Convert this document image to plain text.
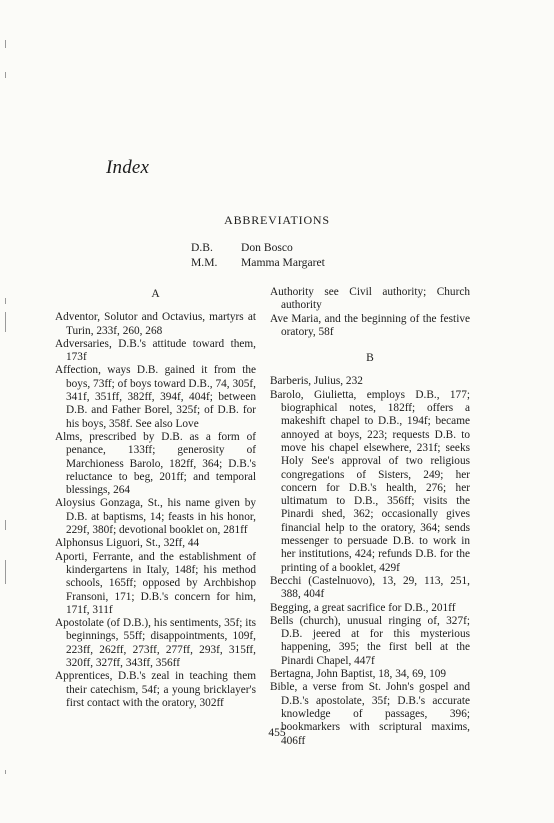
Index
ABBREVIATIONS
D.B.	Don Bosco
M.M.	Mamma Margaret
A
Adventor, Solutor and Octavius, martyrs at Turin, 233f, 260, 268
Adversaries, D.B.'s attitude toward them, 173f
Affection, ways D.B. gained it from the boys, 73ff; of boys toward D.B., 74, 305f, 341f, 351ff, 382ff, 394f, 404f; between D.B. and Father Borel, 325f; of D.B. for his boys, 358f. See also Love
Alms, prescribed by D.B. as a form of penance, 133ff; generosity of Marchioness Barolo, 182ff, 364; D.B.'s reluctance to beg, 201ff; and temporal blessings, 264
Aloysius Gonzaga, St., his name given by D.B. at baptisms, 14; feasts in his honor, 229f, 380f; devotional booklet on, 281ff
Alphonsus Liguori, St., 32ff, 44
Aporti, Ferrante, and the establishment of kindergartens in Italy, 148f; his method schools, 165ff; opposed by Archbishop Fransoni, 171; D.B.'s concern for him, 171f, 311f
Apostolate (of D.B.), his sentiments, 35f; its beginnings, 55ff; disappointments, 109f, 223ff, 262ff, 273ff, 277ff, 293f, 315ff, 320ff, 327ff, 343ff, 356ff
Apprentices, D.B.'s zeal in teaching them their catechism, 54f; a young bricklayer's first contact with the oratory, 302ff
Authority see Civil authority; Church authority
Ave Maria, and the beginning of the festive oratory, 58f
B
Barberis, Julius, 232
Barolo, Giulietta, employs D.B., 177; biographical notes, 182ff; offers a makeshift chapel to D.B., 194f; became annoyed at boys, 223; requests D.B. to move his chapel elsewhere, 231f; seeks Holy See's approval of two religious congregations of Sisters, 249; her concern for D.B.'s health, 276; her ultimatum to D.B., 356ff; visits the Pinardi shed, 362; occasionally gives financial help to the oratory, 364; sends messenger to persuade D.B. to work in her institutions, 424; refunds D.B. for the printing of a booklet, 429f
Becchi (Castelnuovo), 13, 29, 113, 251, 388, 404f
Begging, a great sacrifice for D.B., 201ff
Bells (church), unusual ringing of, 327f; D.B. jeered at for this mysterious happening, 395; the first bell at the Pinardi Chapel, 447f
Bertagna, John Baptist, 18, 34, 69, 109
Bible, a verse from St. John's gospel and D.B.'s apostolate, 35f; D.B.'s accurate knowledge of passages, 396; bookmarkers with scriptural maxims, 406ff
455
